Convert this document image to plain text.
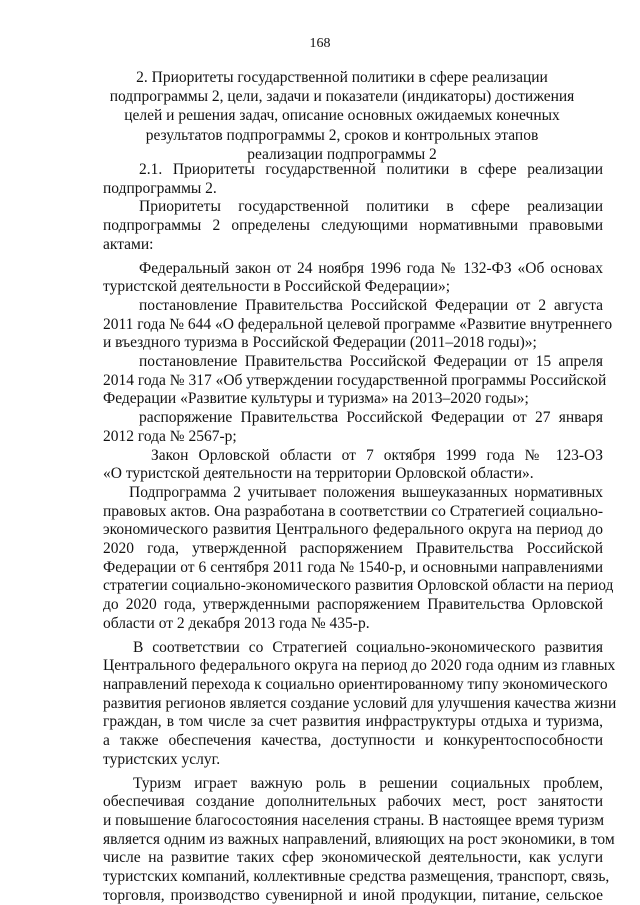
168
2. Приоритеты государственной политики в сфере реализации
подпрограммы 2, цели, задачи и показатели (индикаторы) достижения
целей и решения задач, описание основных ожидаемых конечных
результатов подпрограммы 2, сроков и контрольных этапов
реализации подпрограммы 2
2.1. Приоритеты государственной политики в сфере реализации
подпрограммы 2.
Приоритеты государственной политики в сфере реализации
подпрограммы 2 определены следующими нормативными правовыми
актами:
Федеральный закон от 24 ноября 1996 года № 132-ФЗ «Об основах
туристской деятельности в Российской Федерации»;
постановление Правительства Российской Федерации от 2 августа
2011 года № 644 «О федеральной целевой программе «Развитие внутреннего
и въездного туризма в Российской Федерации (2011–2018 годы)»;
постановление Правительства Российской Федерации от 15 апреля
2014 года № 317 «Об утверждении государственной программы Российской
Федерации «Развитие культуры и туризма» на 2013–2020 годы»;
распоряжение Правительства Российской Федерации от 27 января
2012 года № 2567-р;
Закон Орловской области от 7 октября 1999 года № 123-ОЗ
«О туристской деятельности на территории Орловской области».
Подпрограмма 2 учитывает положения вышеуказанных нормативных
правовых актов. Она разработана в соответствии со Стратегией социально-
экономического развития Центрального федерального округа на период до
2020 года, утвержденной распоряжением Правительства Российской
Федерации от 6 сентября 2011 года № 1540-р, и основными направлениями
стратегии социально-экономического развития Орловской области на период
до 2020 года, утвержденными распоряжением Правительства Орловской
области от 2 декабря 2013 года № 435-р.
В соответствии со Стратегией социально-экономического развития
Центрального федерального округа на период до 2020 года одним из главных
направлений перехода к социально ориентированному типу экономического
развития регионов является создание условий для улучшения качества жизни
граждан, в том числе за счет развития инфраструктуры отдыха и туризма,
а также обеспечения качества, доступности и конкурентоспособности
туристских услуг.
Туризм играет важную роль в решении социальных проблем,
обеспечивая создание дополнительных рабочих мест, рост занятости
и повышение благосостояния населения страны. В настоящее время туризм
является одним из важных направлений, влияющих на рост экономики, в том
числе на развитие таких сфер экономической деятельности, как услуги
туристских компаний, коллективные средства размещения, транспорт, связь,
торговля, производство сувенирной и иной продукции, питание, сельское
